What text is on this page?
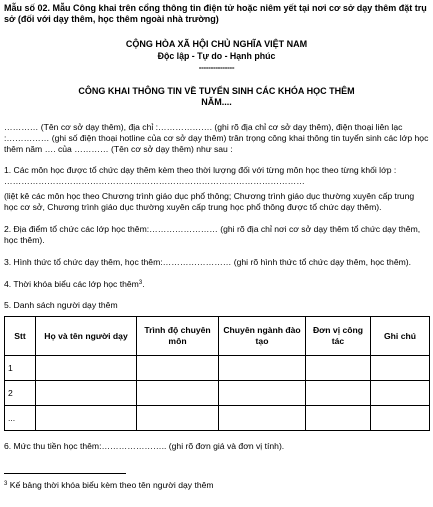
Mẫu số 02. Mẫu Công khai trên cổng thông tin điện tử hoặc niêm yết tại nơi cơ sở dạy thêm đặt trụ sở (đối với dạy thêm, học thêm ngoài nhà trường)

CỘNG HÒA XÃ HỘI CHỦ NGHĨA VIỆT NAM
Độc lập - Tự do - Hạnh phúc
---------------
CÔNG KHAI THÔNG TIN VỀ TUYỂN SINH CÁC KHÓA HỌC THÊM
NĂM....

………… (Tên cơ sở dạy thêm), địa chỉ :………………. (ghi rõ địa chỉ cơ sở dạy thêm), điện thoại liên lạc :…………… (ghi số điện thoại hotline của cơ sở dạy thêm) trân trọng công khai thông tin tuyển sinh các lớp học thêm năm …. của ………… (Tên cơ sở dạy thêm) như sau :

1. Các môn học được tổ chức dạy thêm kèm theo thời lượng đối với từng môn học theo từng khối lớp : ……………………………………………………………………………………………

(liệt kê các môn học theo Chương trình giáo dục phổ thông; Chương trình giáo dục thường xuyên cấp trung học cơ sở, Chương trình giáo dục thường xuyên cấp trung học phổ thông được tổ chức dạy thêm).

2. Địa điểm tổ chức các lớp học thêm:…………………… (ghi rõ địa chỉ nơi cơ sở dạy thêm tổ chức dạy thêm, học thêm).

3. Hình thức tổ chức dạy thêm, học thêm:…………………… (ghi rõ hình thức tổ chức dạy thêm, học thêm).

4. Thời khóa biểu các lớp học thêm$^3$.

5. Danh sách người dạy thêm

Stt	Họ và tên người dạy	Trình độ chuyên môn	Chuyên ngành đào tạo	Đơn vị công tác	Ghi chú
1					
2					
...					

6. Mức thu tiền học thêm:………………….. (ghi rõ đơn giá và đơn vị tính).

$^3$ Kế bảng thời khóa biểu kèm theo tên người dạy thêm
